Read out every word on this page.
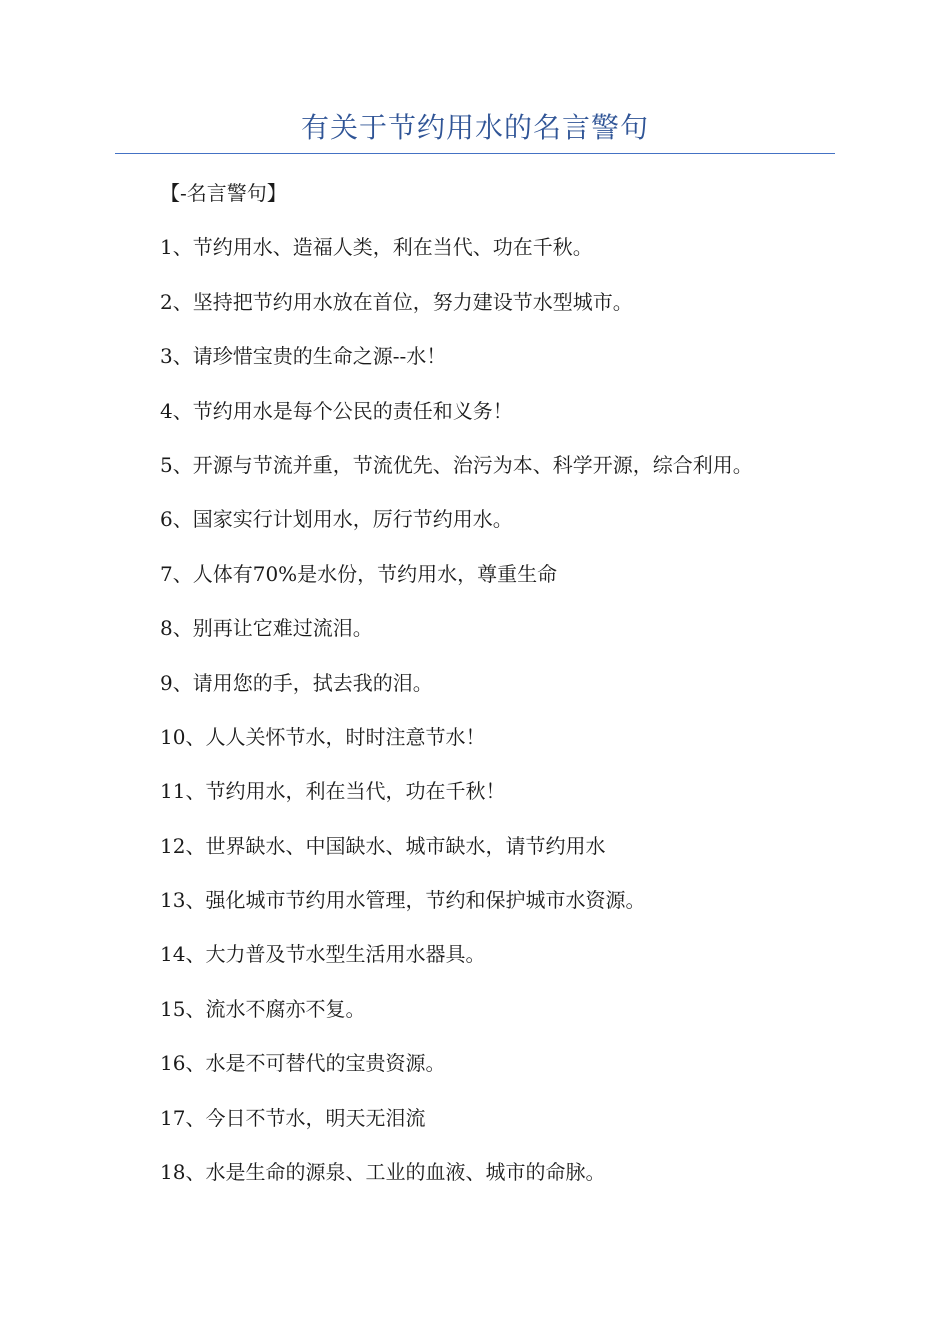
有关于节约用水的名言警句
【-名言警句】
1、节约用水、造福人类，利在当代、功在千秋。
2、坚持把节约用水放在首位，努力建设节水型城市。
3、请珍惜宝贵的生命之源--水！
4、节约用水是每个公民的责任和义务！
5、开源与节流并重，节流优先、治污为本、科学开源，综合利用。
6、国家实行计划用水，厉行节约用水。
7、人体有70%是水份，节约用水，尊重生命
8、别再让它难过流泪。
9、请用您的手，拭去我的泪。
10、人人关怀节水，时时注意节水！
11、节约用水，利在当代，功在千秋！
12、世界缺水、中国缺水、城市缺水，请节约用水
13、强化城市节约用水管理，节约和保护城市水资源。
14、大力普及节水型生活用水器具。
15、流水不腐亦不复。
16、水是不可替代的宝贵资源。
17、今日不节水，明天无泪流
18、水是生命的源泉、工业的血液、城市的命脉。
